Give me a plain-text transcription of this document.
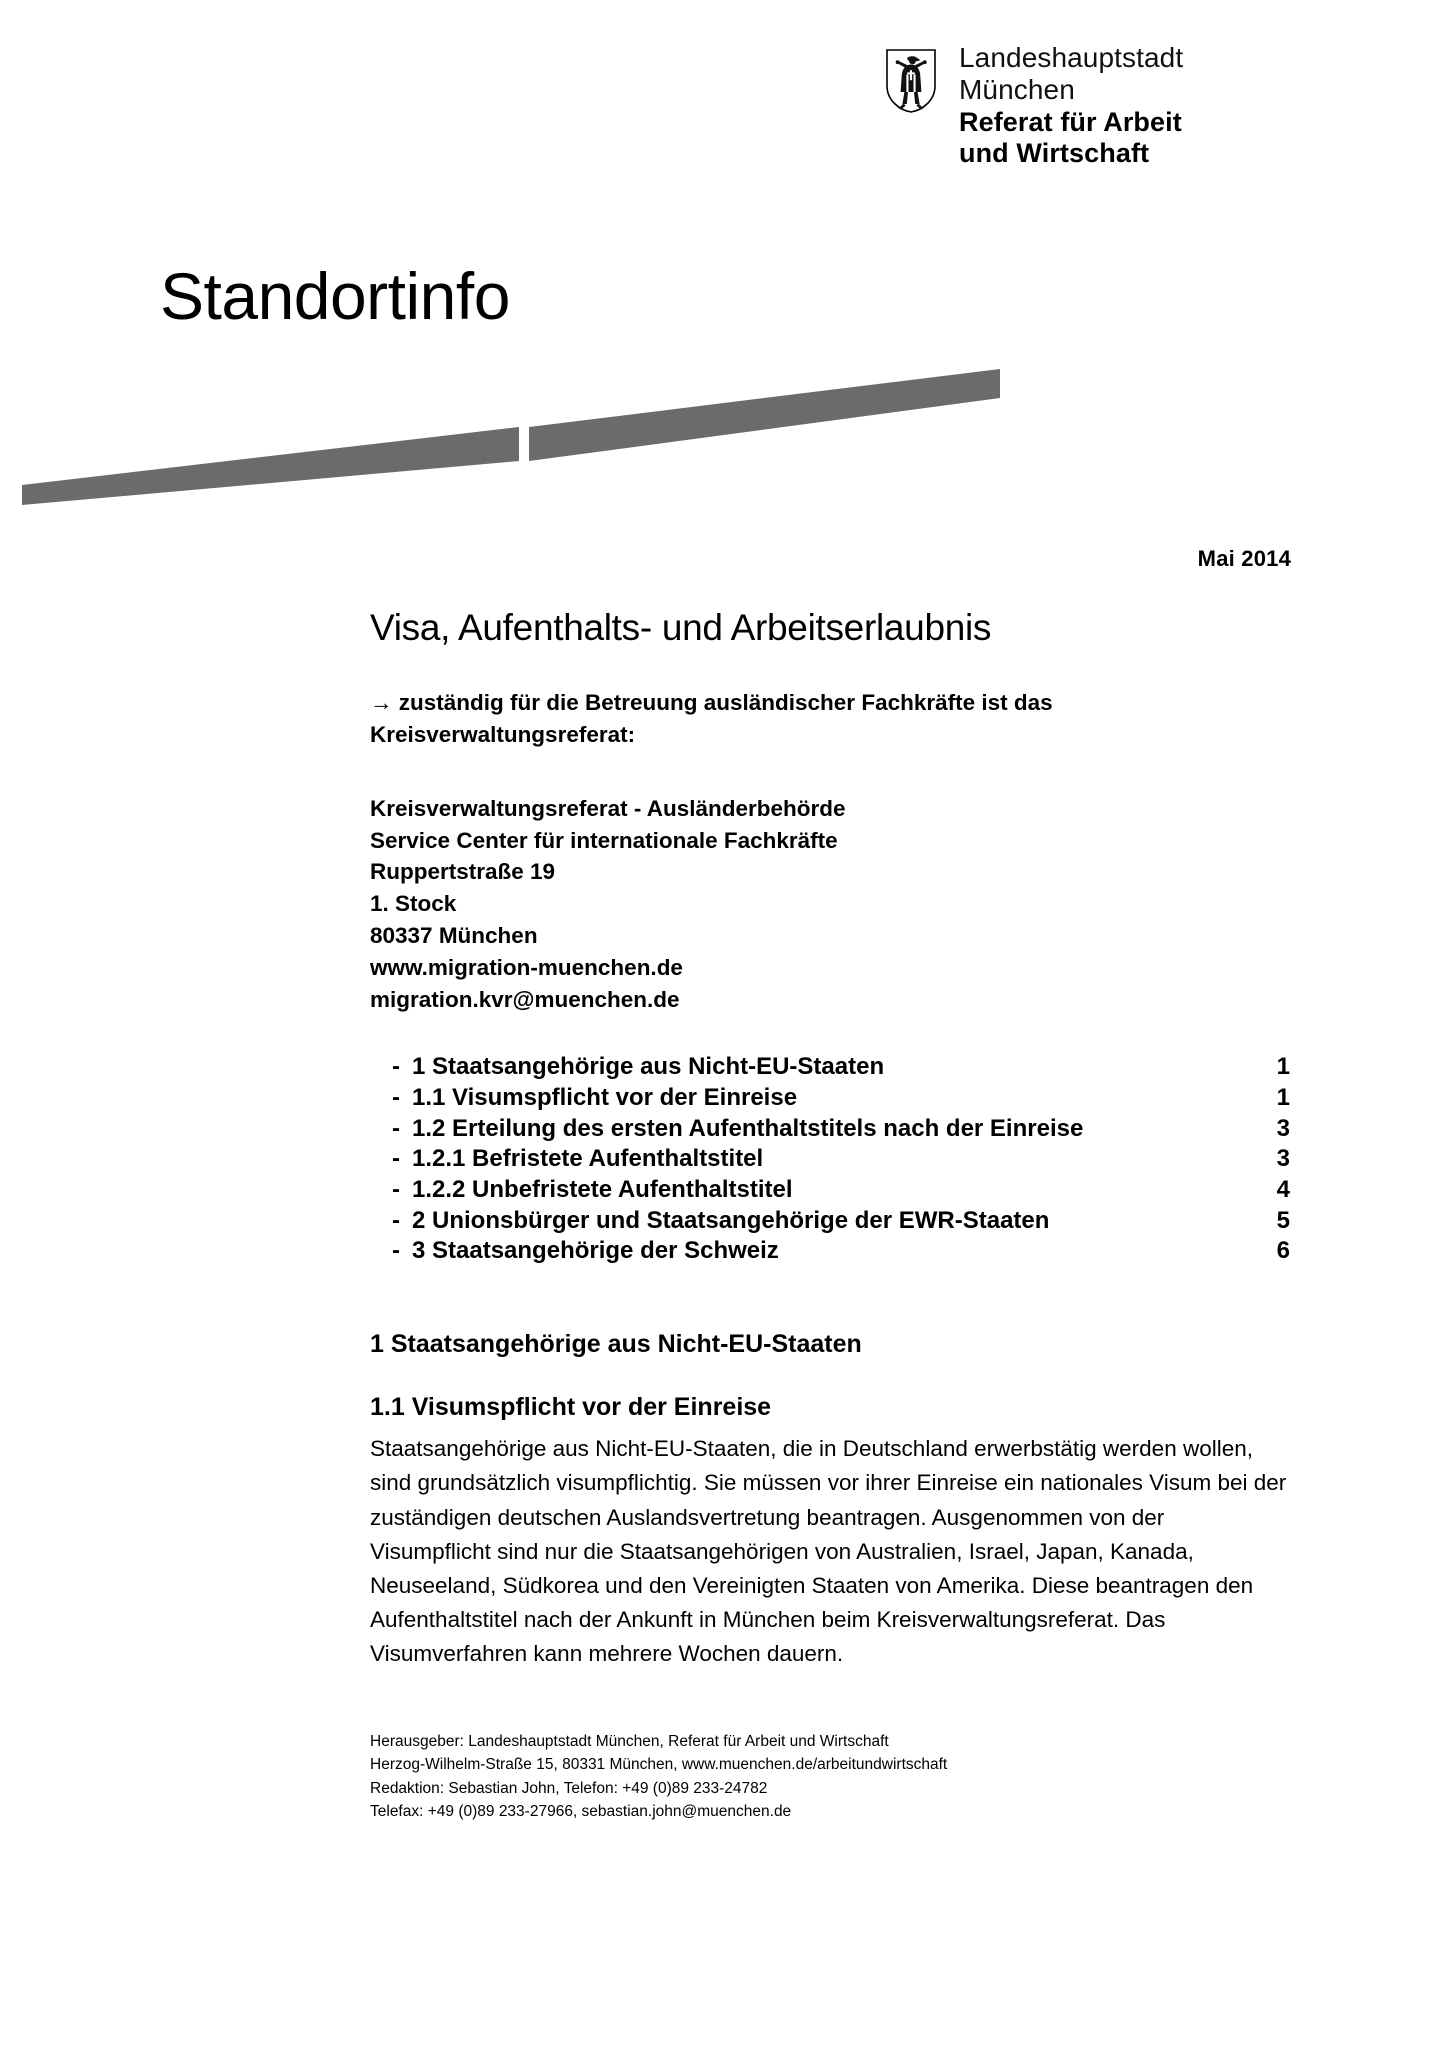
Landeshauptstadt
München
Referat für Arbeit
und Wirtschaft
Standortinfo
Mai 2014
Visa, Aufenthalts- und Arbeitserlaubnis
→ zuständig für die Betreuung ausländischer Fachkräfte ist das
Kreisverwaltungsreferat:
Kreisverwaltungsreferat - Ausländerbehörde
Service Center für internationale Fachkräfte
Ruppertstraße 19
1. Stock
80337 München
www.migration-muenchen.de
migration.kvr@muenchen.de
- 1 Staatsangehörige aus Nicht-EU-Staaten	1
- 1.1 Visumspflicht vor der Einreise	1
- 1.2 Erteilung des ersten Aufenthaltstitels nach der Einreise	3
- 1.2.1 Befristete Aufenthaltstitel	3
- 1.2.2 Unbefristete Aufenthaltstitel	4
- 2 Unionsbürger und Staatsangehörige der EWR-Staaten	5
- 3 Staatsangehörige der Schweiz	6
1 Staatsangehörige aus Nicht-EU-Staaten
1.1 Visumspflicht vor der Einreise

Staatsangehörige aus Nicht-EU-Staaten, die in Deutschland erwerbstätig werden wollen, sind grundsätzlich visumpflichtig. Sie müssen vor ihrer Einreise ein nationales Visum bei der zuständigen deutschen Auslandsvertretung beantragen. Ausgenommen von der Visumpflicht sind nur die Staatsangehörigen von Australien, Israel, Japan, Kanada, Neuseeland, Südkorea und den Vereinigten Staaten von Amerika. Diese beantragen den Aufenthaltstitel nach der Ankunft in München beim Kreisverwaltungsreferat. Das Visumverfahren kann mehrere Wochen dauern.

Herausgeber: Landeshauptstadt München, Referat für Arbeit und Wirtschaft
Herzog-Wilhelm-Straße 15, 80331 München, www.muenchen.de/arbeitundwirtschaft
Redaktion: Sebastian John, Telefon: +49 (0)89 233-24782
Telefax: +49 (0)89 233-27966, sebastian.john@muenchen.de
